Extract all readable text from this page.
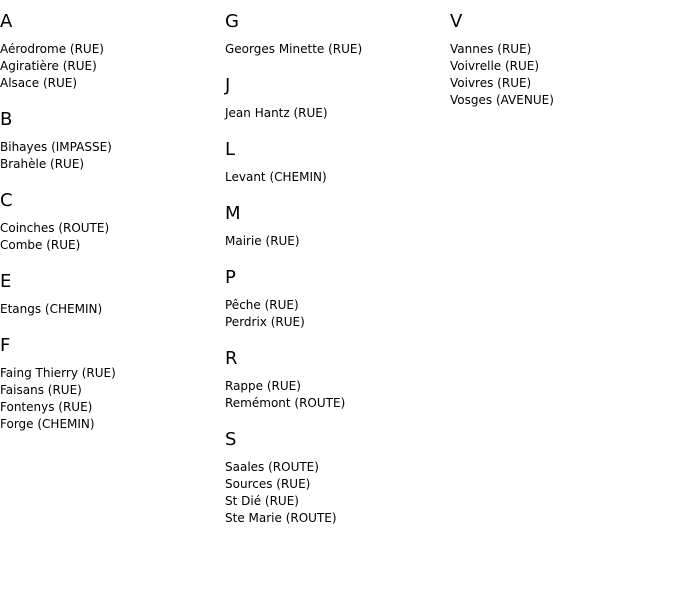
A
Aérodrome (RUE)
Agiratière (RUE)
Alsace (RUE)
B
Bihayes (IMPASSE)
Brahèle (RUE)
C
Coinches (ROUTE)
Combe (RUE)
E
Etangs (CHEMIN)
F
Faing Thierry (RUE)
Faisans (RUE)
Fontenys (RUE)
Forge (CHEMIN)
G
Georges Minette (RUE)
J
Jean Hantz (RUE)
L
Levant (CHEMIN)
M
Mairie (RUE)
P
Pêche (RUE)
Perdrix (RUE)
R
Rappe (RUE)
Remémont (ROUTE)
S
Saales (ROUTE)
Sources (RUE)
St Dié (RUE)
Ste Marie (ROUTE)
V
Vannes (RUE)
Voivrelle (RUE)
Voivres (RUE)
Vosges (AVENUE)
